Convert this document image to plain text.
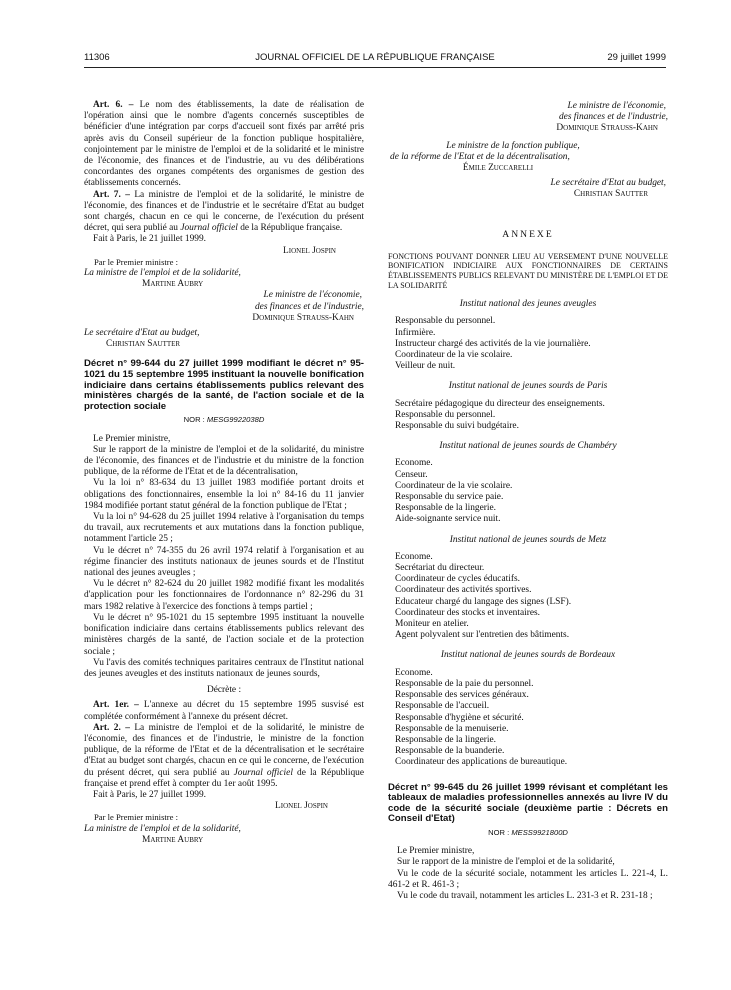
11306	JOURNAL OFFICIEL DE LA RÉPUBLIQUE FRANÇAISE	29 juillet 1999

Art. 6. – Le nom des établissements, la date de réalisation de l'opération ainsi que le nombre d'agents concernés susceptibles de bénéficier d'une intégration par corps d'accueil sont fixés par arrêté pris après avis du Conseil supérieur de la fonction publique hospitalière, conjointement par le ministre de l'emploi et de la solidarité et le ministre de l'économie, des finances et de l'industrie, au vu des délibérations concordantes des organes compétents des organismes de gestion des établissements concernés.

Art. 7. – La ministre de l'emploi et de la solidarité, le ministre de l'économie, des finances et de l'industrie et le secrétaire d'Etat au budget sont chargés, chacun en ce qui le concerne, de l'exécution du présent décret, qui sera publié au Journal officiel de la République française.

Fait à Paris, le 21 juillet 1999.

Lionel Jospin
Par le Premier ministre :
La ministre de l'emploi et de la solidarité,
Martine Aubry
Le ministre de l'économie,
des finances et de l'industrie,
Dominique Strauss-Kahn
Le secrétaire d'Etat au budget,
Christian Sautter
Décret n° 99-644 du 27 juillet 1999 modifiant le décret n° 95-1021 du 15 septembre 1995 instituant la nouvelle bonification indiciaire dans certains établissements publics relevant des ministères chargés de la santé, de l'action sociale et de la protection sociale
NOR : MESG9922038D

Le Premier ministre,

Sur le rapport de la ministre de l'emploi et de la solidarité, du ministre de l'économie, des finances et de l'industrie et du ministre de la fonction publique, de la réforme de l'Etat et de la décentralisation,

Vu la loi n° 83-634 du 13 juillet 1983 modifiée portant droits et obligations des fonctionnaires, ensemble la loi n° 84-16 du 11 janvier 1984 modifiée portant statut général de la fonction publique de l'Etat ;

Vu la loi n° 94-628 du 25 juillet 1994 relative à l'organisation du temps du travail, aux recrutements et aux mutations dans la fonction publique, notamment l'article 25 ;

Vu le décret n° 74-355 du 26 avril 1974 relatif à l'organisation et au régime financier des instituts nationaux de jeunes sourds et de l'Institut national des jeunes aveugles ;

Vu le décret n° 82-624 du 20 juillet 1982 modifié fixant les modalités d'application pour les fonctionnaires de l'ordonnance n° 82-296 du 31 mars 1982 relative à l'exercice des fonctions à temps partiel ;

Vu le décret n° 95-1021 du 15 septembre 1995 instituant la nouvelle bonification indiciaire dans certains établissements publics relevant des ministères chargés de la santé, de l'action sociale et de la protection sociale ;

Vu l'avis des comités techniques paritaires centraux de l'Institut national des jeunes aveugles et des instituts nationaux de jeunes sourds,

Décrète :

Art. 1er. – L'annexe au décret du 15 septembre 1995 susvisé est complétée conformément à l'annexe du présent décret.

Art. 2. – La ministre de l'emploi et de la solidarité, le ministre de l'économie, des finances et de l'industrie, le ministre de la fonction publique, de la réforme de l'Etat et de la décentralisation et le secrétaire d'Etat au budget sont chargés, chacun en ce qui le concerne, de l'exécution du présent décret, qui sera publié au Journal officiel de la République française et prend effet à compter du 1er août 1995.

Fait à Paris, le 27 juillet 1999.

Lionel Jospin
Par le Premier ministre :
La ministre de l'emploi et de la solidarité,
Martine Aubry
Le ministre de l'économie,
des finances et de l'industrie,
Dominique Strauss-Kahn
Le ministre de la fonction publique,
de la réforme de l'Etat et de la décentralisation,
Émile Zuccarelli
Le secrétaire d'Etat au budget,
Christian Sautter
ANNEXE
FONCTIONS POUVANT DONNER LIEU AU VERSEMENT D'UNE NOUVELLE BONIFICATION INDICIAIRE AUX FONCTIONNAIRES DE CERTAINS ÉTABLISSEMENTS PUBLICS RELEVANT DU MINISTÈRE DE L'EMPLOI ET DE LA SOLIDARITÉ
Institut national des jeunes aveugles
Responsable du personnel.
Infirmière.
Instructeur chargé des activités de la vie journalière.
Coordinateur de la vie scolaire.
Veilleur de nuit.
Institut national de jeunes sourds de Paris
Secrétaire pédagogique du directeur des enseignements.
Responsable du personnel.
Responsable du suivi budgétaire.
Institut national de jeunes sourds de Chambéry
Econome.
Censeur.
Coordinateur de la vie scolaire.
Responsable du service paie.
Responsable de la lingerie.
Aide-soignante service nuit.
Institut national de jeunes sourds de Metz
Econome.
Secrétariat du directeur.
Coordinateur de cycles éducatifs.
Coordinateur des activités sportives.
Educateur chargé du langage des signes (LSF).
Coordinateur des stocks et inventaires.
Moniteur en atelier.
Agent polyvalent sur l'entretien des bâtiments.
Institut national de jeunes sourds de Bordeaux
Econome.
Responsable de la paie du personnel.
Responsable des services généraux.
Responsable de l'accueil.
Responsable d'hygiène et sécurité.
Responsable de la menuiserie.
Responsable de la lingerie.
Responsable de la buanderie.
Coordinateur des applications de bureautique.
Décret n° 99-645 du 26 juillet 1999 révisant et complétant les tableaux de maladies professionnelles annexés au livre IV du code de la sécurité sociale (deuxième partie : Décrets en Conseil d'Etat)
NOR : MESS9921800D

Le Premier ministre,

Sur le rapport de la ministre de l'emploi et de la solidarité,

Vu le code de la sécurité sociale, notamment les articles L. 221-4, L. 461-2 et R. 461-3 ;

Vu le code du travail, notamment les articles L. 231-3 et R. 231-18 ;
